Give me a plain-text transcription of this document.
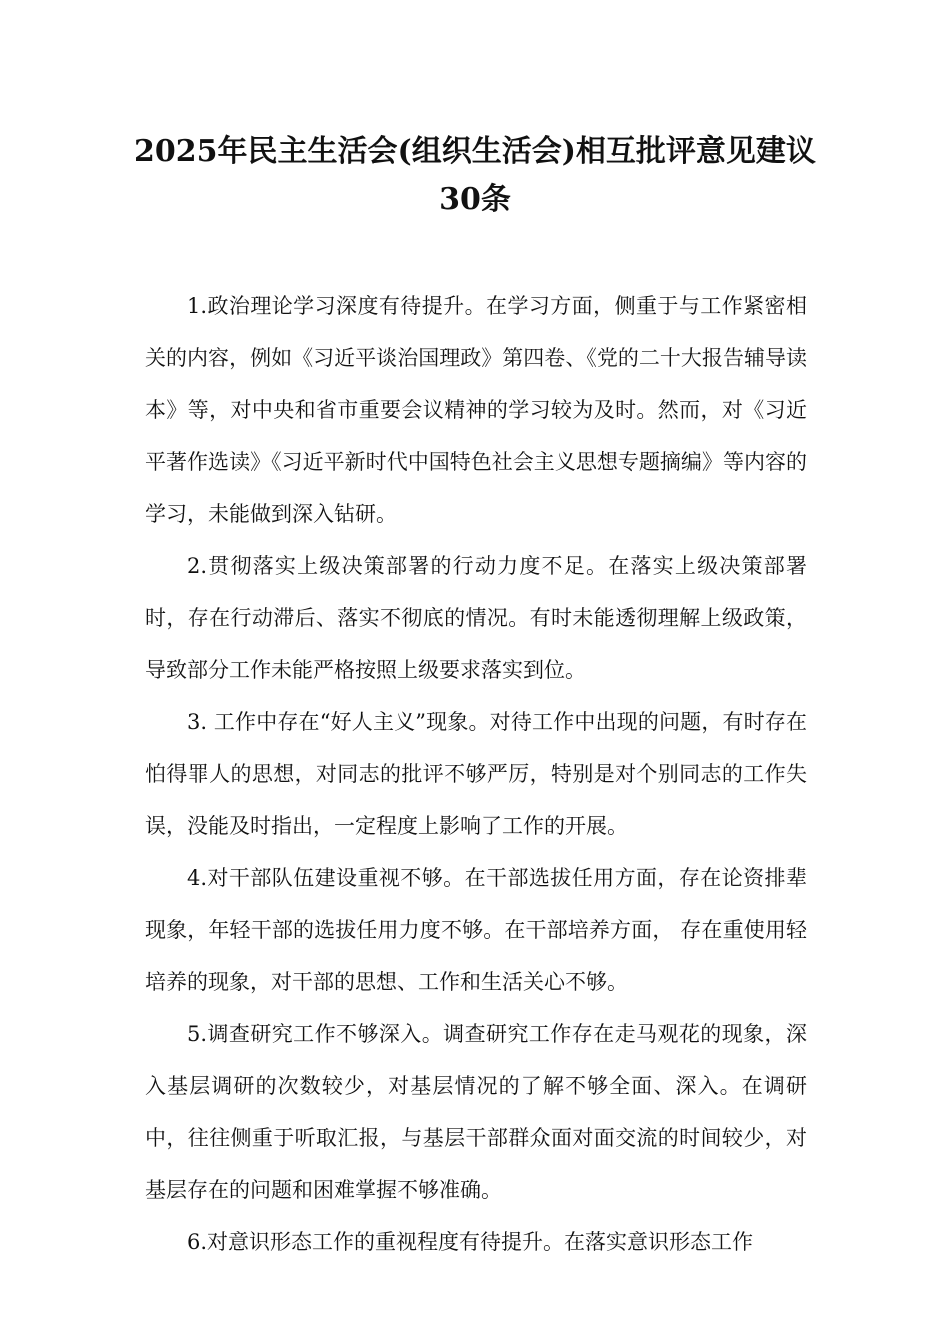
2025年民主生活会(组织生活会)相互批评意见建议
30条

1.政治理论学习深度有待提升。在学习方面，侧重于与工作紧密相关的内容，例如《习近平谈治国理政》第四卷、《党的二十大报告辅导读本》等，对中央和省市重要会议精神的学习较为及时。然而，对《习近平著作选读》《习近平新时代中国特色社会主义思想专题摘编》等内容的学习，未能做到深入钻研。

2.贯彻落实上级决策部署的行动力度不足。在落实上级决策部署时，存在行动滞后、落实不彻底的情况。有时未能透彻理解上级政策，导致部分工作未能严格按照上级要求落实到位。

3. 工作中存在“好人主义”现象。对待工作中出现的问题，有时存在怕得罪人的思想，对同志的批评不够严厉，特别是对个别同志的工作失误，没能及时指出，一定程度上影响了工作的开展。

4.对干部队伍建设重视不够。在干部选拔任用方面，存在论资排辈现象，年轻干部的选拔任用力度不够。在干部培养方面， 存在重使用轻培养的现象，对干部的思想、工作和生活关心不够。

5.调查研究工作不够深入。调查研究工作存在走马观花的现象，深入基层调研的次数较少，对基层情况的了解不够全面、深入。在调研中，往往侧重于听取汇报，与基层干部群众面对面交流的时间较少，对基层存在的问题和困难掌握不够准确。

6.对意识形态工作的重视程度有待提升。在落实意识形态工作
